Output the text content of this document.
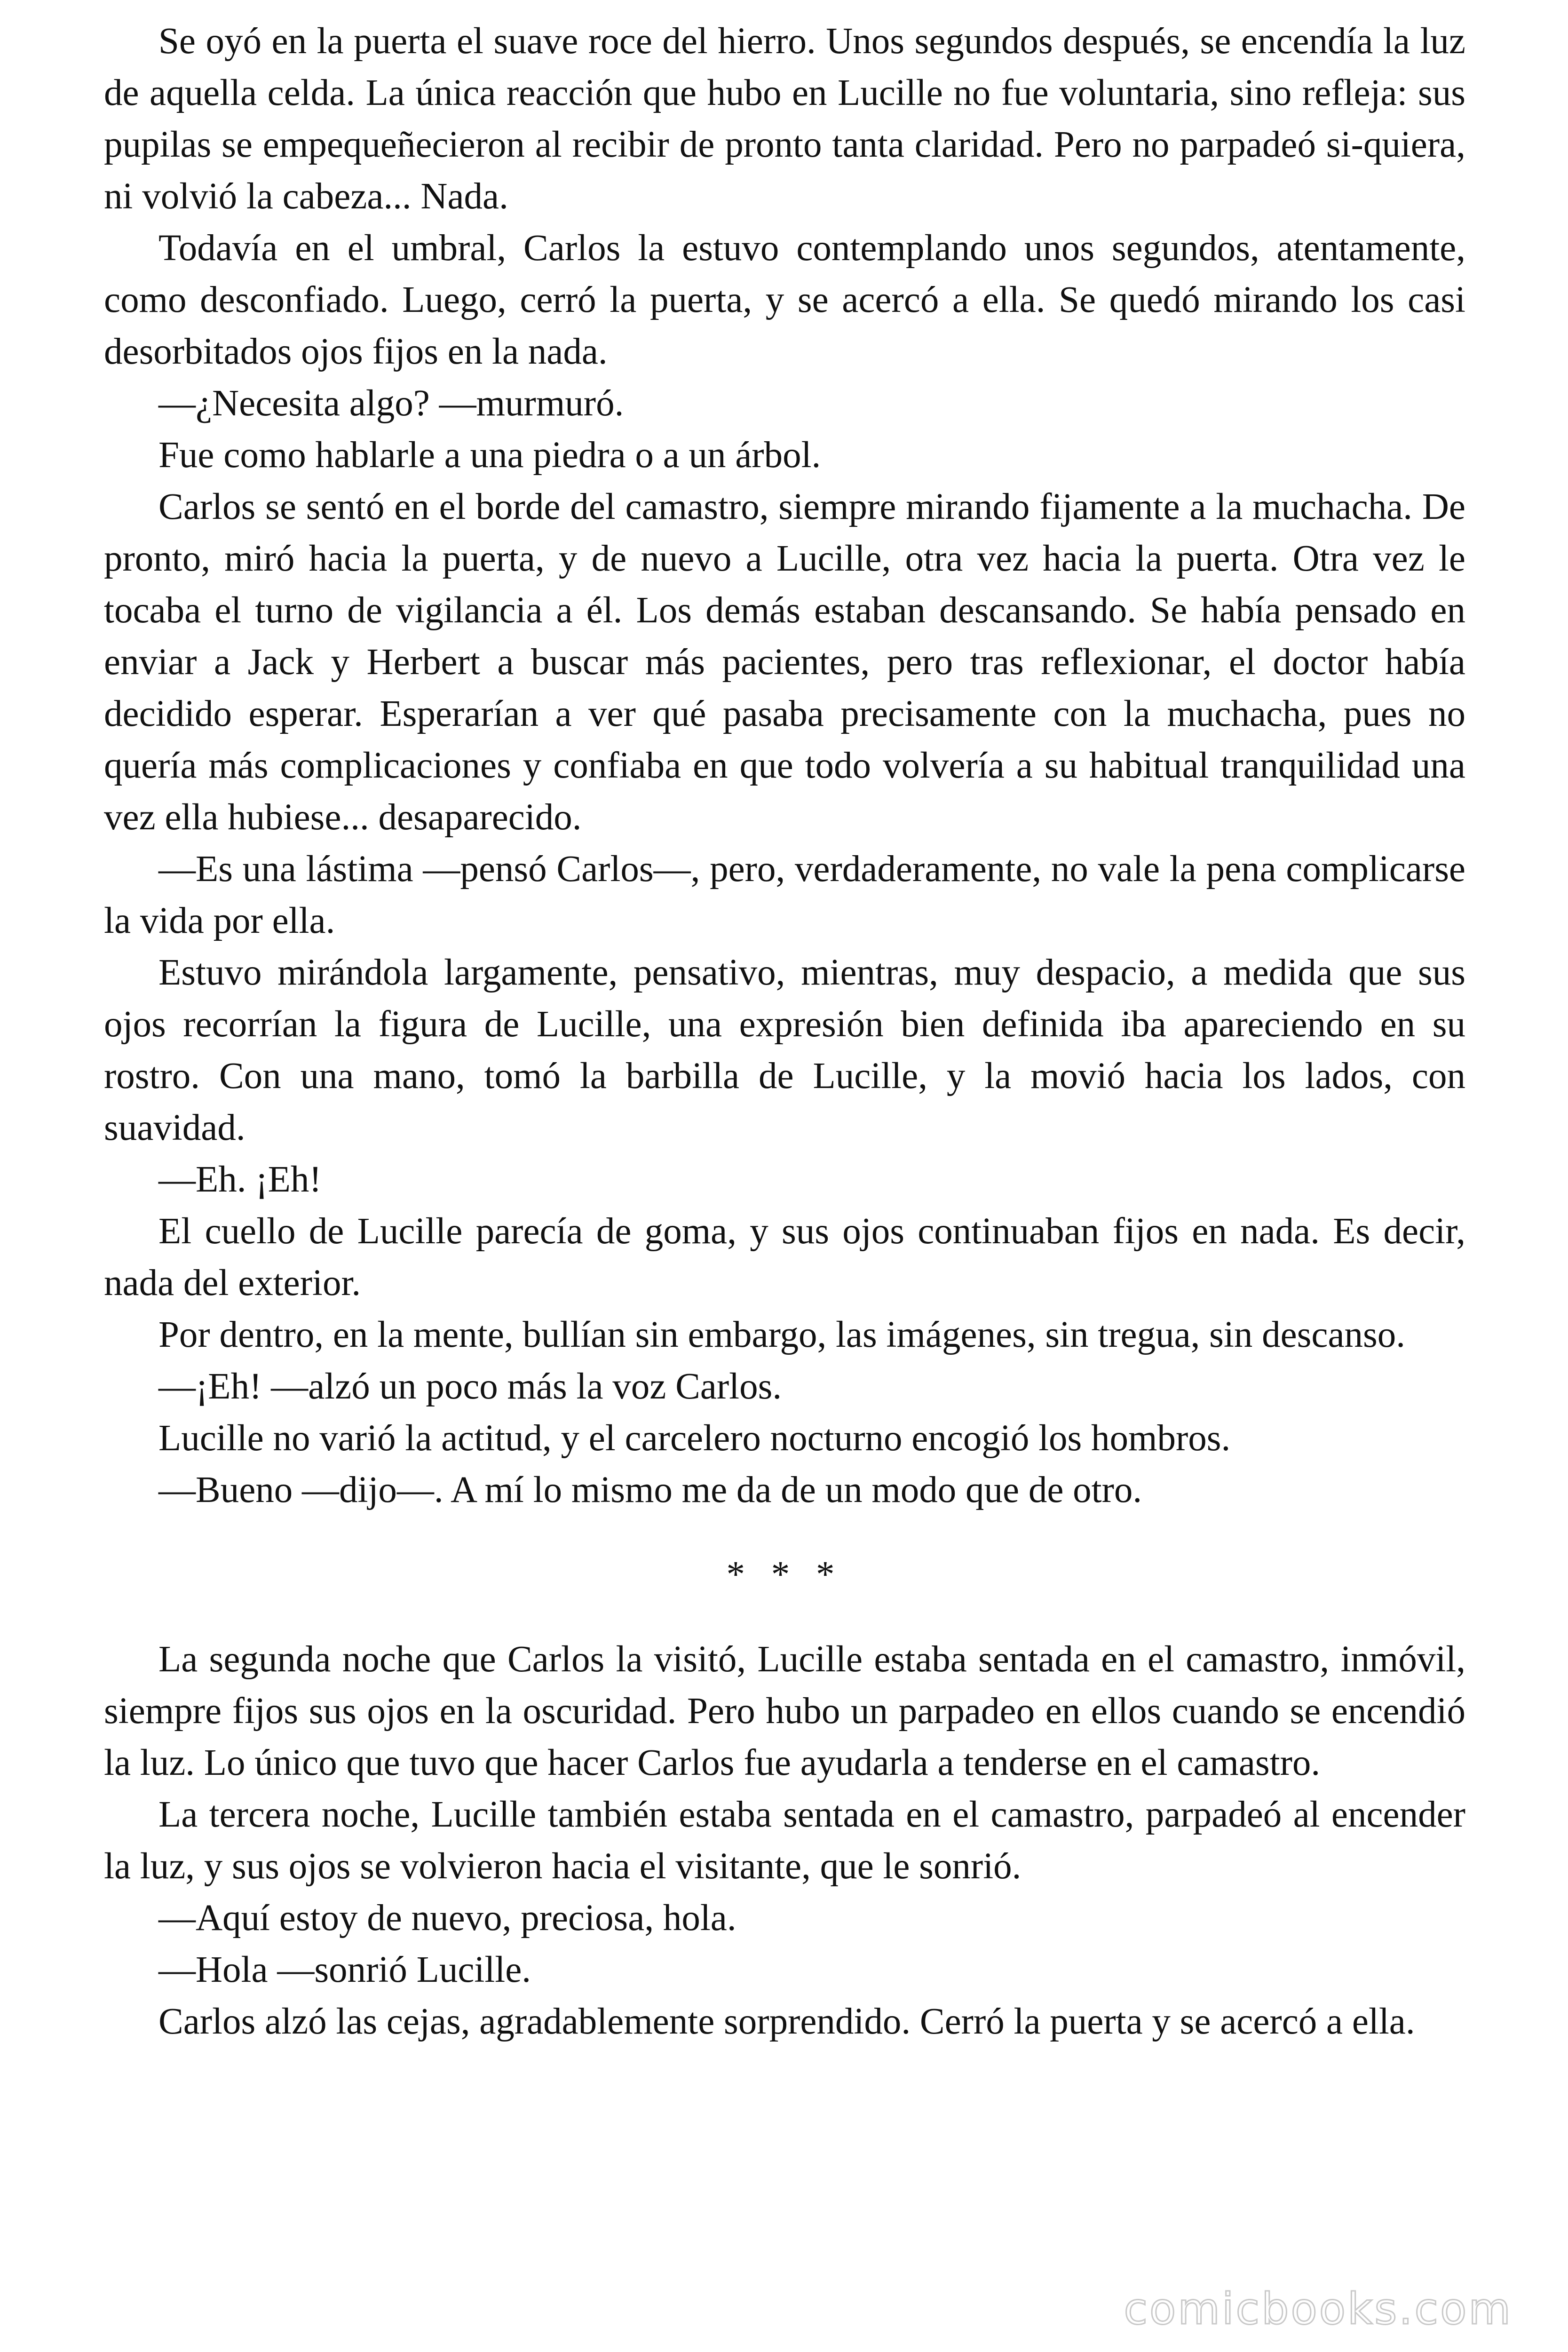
Se oyó en la puerta el suave roce del hierro. Unos segundos después, se encendía la luz de aquella celda. La única reacción que hubo en Lucille no fue voluntaria, sino refleja: sus pupilas se empequeñecieron al recibir de pronto tanta claridad. Pero no parpadeó si-quiera, ni volvió la cabeza... Nada.

Todavía en el umbral, Carlos la estuvo contemplando unos segundos, atentamente, como desconfiado. Luego, cerró la puerta, y se acercó a ella. Se quedó mirando los casi desorbitados ojos fijos en la nada.

—¿Necesita algo? —murmuró.

Fue como hablarle a una piedra o a un árbol.

Carlos se sentó en el borde del camastro, siempre mirando fijamente a la muchacha. De pronto, miró hacia la puerta, y de nuevo a Lucille, otra vez hacia la puerta. Otra vez le tocaba el turno de vigilancia a él. Los demás estaban descansando. Se había pensado en enviar a Jack y Herbert a buscar más pacientes, pero tras reflexionar, el doctor había decidido esperar. Esperarían a ver qué pasaba precisamente con la muchacha, pues no quería más complicaciones y confiaba en que todo volvería a su habitual tranquilidad una vez ella hubiese... desaparecido.

—Es una lástima —pensó Carlos—, pero, verdaderamente, no vale la pena complicarse la vida por ella.

Estuvo mirándola largamente, pensativo, mientras, muy despacio, a medida que sus ojos recorrían la figura de Lucille, una expresión bien definida iba apareciendo en su rostro. Con una mano, tomó la barbilla de Lucille, y la movió hacia los lados, con suavidad.

—Eh. ¡Eh!

El cuello de Lucille parecía de goma, y sus ojos continuaban fijos en nada. Es decir, nada del exterior.

Por dentro, en la mente, bullían sin embargo, las imágenes, sin tregua, sin descanso.

—¡Eh! —alzó un poco más la voz Carlos.

Lucille no varió la actitud, y el carcelero nocturno encogió los hombros.

—Bueno —dijo—. A mí lo mismo me da de un modo que de otro.

* * *

La segunda noche que Carlos la visitó, Lucille estaba sentada en el camastro, inmóvil, siempre fijos sus ojos en la oscuridad. Pero hubo un parpadeo en ellos cuando se encendió la luz. Lo único que tuvo que hacer Carlos fue ayudarla a tenderse en el camastro.

La tercera noche, Lucille también estaba sentada en el camastro, parpadeó al encender la luz, y sus ojos se volvieron hacia el visitante, que le sonrió.

—Aquí estoy de nuevo, preciosa, hola.

—Hola —sonrió Lucille.

Carlos alzó las cejas, agradablemente sorprendido. Cerró la puerta y se acercó a ella.

comicbooks.com
